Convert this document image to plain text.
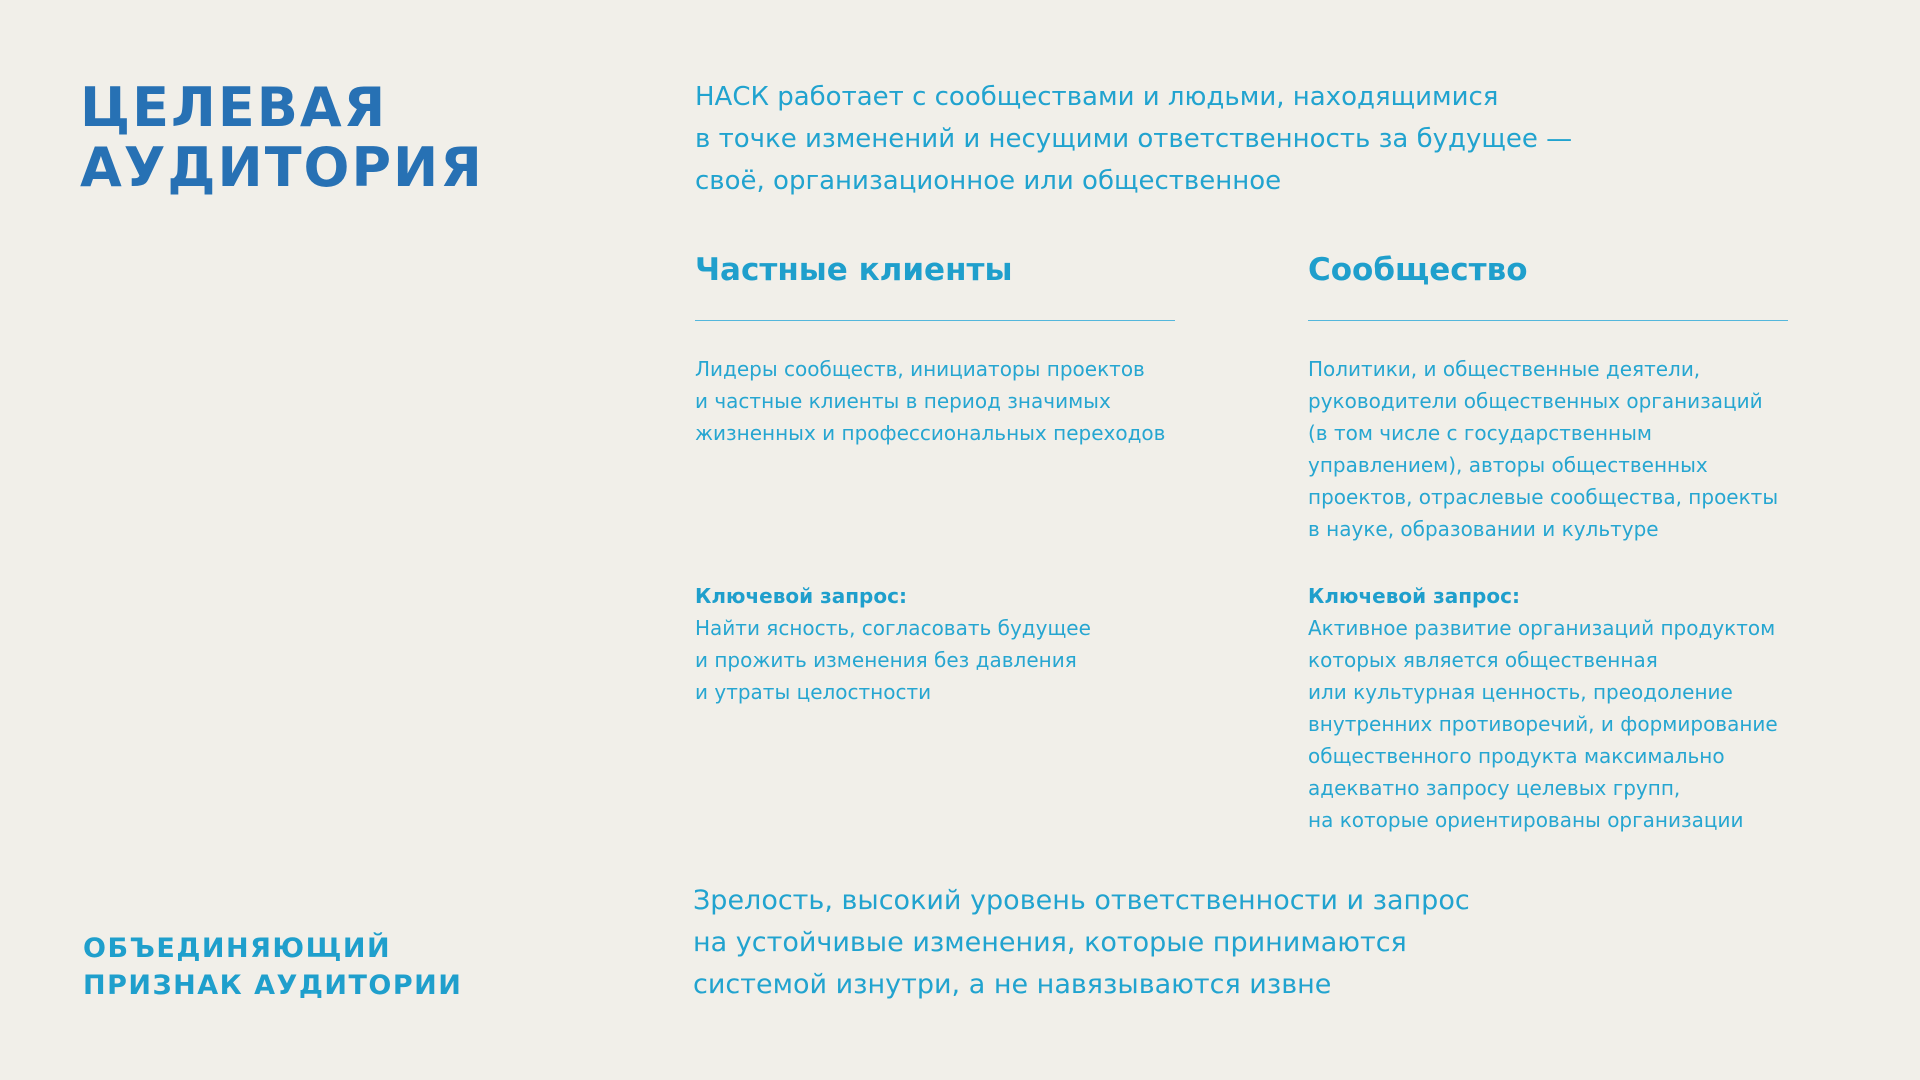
ЦЕЛЕВАЯ
АУДИТОРИЯ

НАСК работает с сообществами и людьми, находящимися
в точке изменений и несущими ответственность за будущее —
своё, организационное или общественное

Частные клиенты

Лидеры сообществ, инициаторы проектов
и частные клиенты в период значимых
жизненных и профессиональных переходов

Сообщество

Политики, и общественные деятели,
руководители общественных организаций
(в том числе с государственным
управлением), авторы общественных
проектов, отраслевые сообщества, проекты
в науке, образовании и культуре

Ключевой запрос:

Найти ясность, согласовать будущее
и прожить изменения без давления
и утраты целостности

Ключевой запрос:

Активное развитие организаций продуктом
которых является общественная
или культурная ценность, преодоление
внутренних противоречий, и формирование
общественного продукта максимально
адекватно запросу целевых групп,
на которые ориентированы организации

ОБЪЕДИНЯЮЩИЙ
ПРИЗНАК АУДИТОРИИ

Зрелость, высокий уровень ответственности и запрос
на устойчивые изменения, которые принимаются
системой изнутри, а не навязываются извне
